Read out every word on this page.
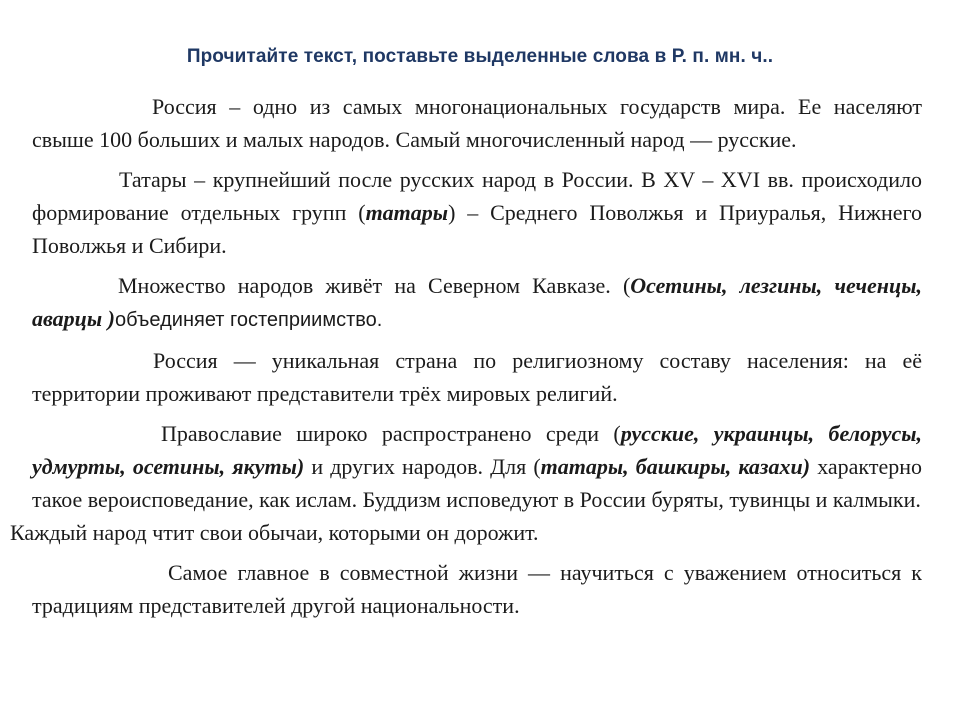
Прочитайте текст, поставьте выделенные слова в Р. п. мн. ч..

Россия – одно из самых многонациональных государств мира. Ее населяют свыше 100 больших и малых народов. Самый многочисленный народ — русские.

Татары – крупнейший после русских народ в России. В XV – XVI вв. происходило формирование отдельных групп (татары) – Среднего Поволжья и Приуралья, Нижнего Поволжья и Сибири.

Множество народов живёт на Северном Кавказе. (Осетины, лезгины, чеченцы, аварцы )объединяет гостеприимство.

Россия — уникальная страна по религиозному составу населения: на её территории проживают представители трёх мировых религий.

Православие широко распространено среди (русские, украинцы, белорусы, удмурты, осетины, якуты) и других народов. Для (татары, башкиры, казахи) характерно такое вероисповедание, как ислам. Буддизм исповедуют в России буряты, тувинцы и калмыки.

Каждый народ чтит свои обычаи, которыми он дорожит.

Самое главное в совместной жизни — научиться с уважением относиться к традициям представителей другой национальности.
